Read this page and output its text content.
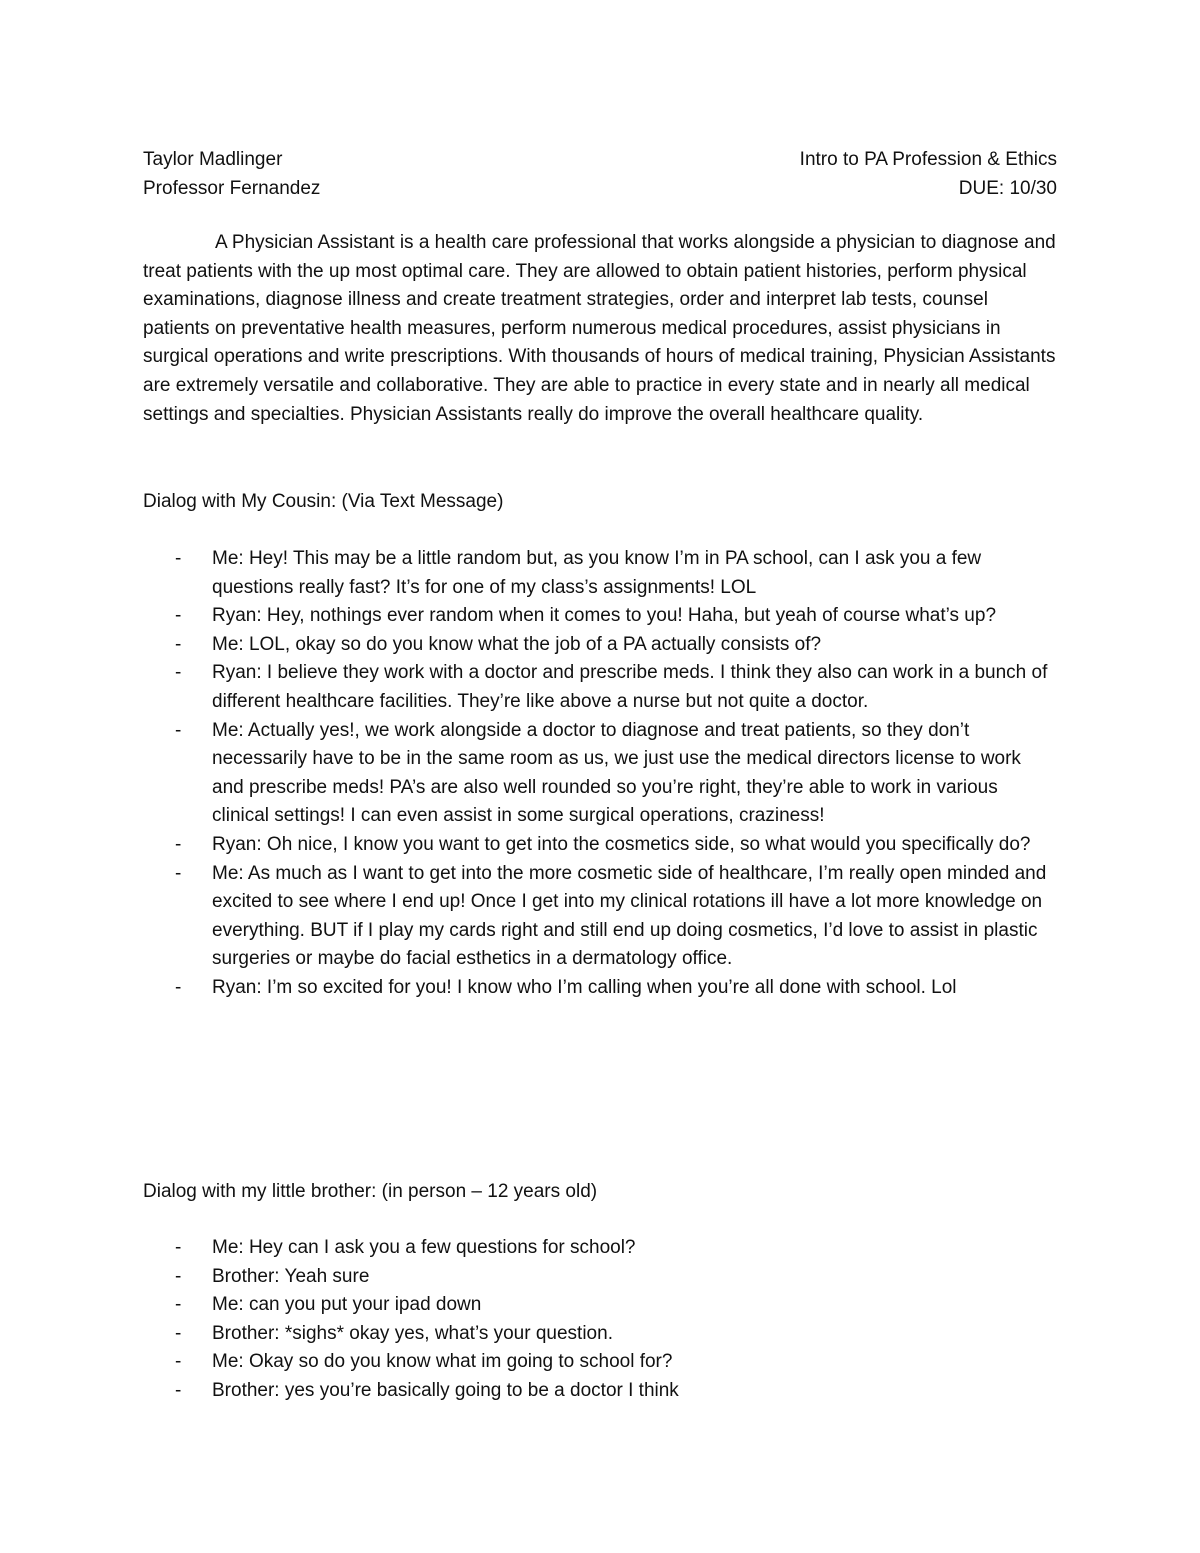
Taylor Madlinger	Intro to PA Profession & Ethics
Professor Fernandez	DUE: 10/30

A Physician Assistant is a health care professional that works alongside a physician to diagnose and treat patients with the up most optimal care. They are allowed to obtain patient histories, perform physical examinations, diagnose illness and create treatment strategies, order and interpret lab tests, counsel patients on preventative health measures, perform numerous medical procedures, assist physicians in surgical operations and write prescriptions. With thousands of hours of medical training, Physician Assistants are extremely versatile and collaborative. They are able to practice in every state and in nearly all medical settings and specialties. Physician Assistants really do improve the overall healthcare quality.

Dialog with My Cousin: (Via Text Message)

- Me: Hey! This may be a little random but, as you know I’m in PA school, can I ask you a few questions really fast? It’s for one of my class’s assignments! LOL
- Ryan: Hey, nothings ever random when it comes to you! Haha, but yeah of course what’s up?
- Me: LOL, okay so do you know what the job of a PA actually consists of?
- Ryan: I believe they work with a doctor and prescribe meds. I think they also can work in a bunch of different healthcare facilities. They’re like above a nurse but not quite a doctor.
- Me: Actually yes!, we work alongside a doctor to diagnose and treat patients, so they don’t necessarily have to be in the same room as us, we just use the medical directors license to work and prescribe meds! PA’s are also well rounded so you’re right, they’re able to work in various clinical settings! I can even assist in some surgical operations, craziness!
- Ryan: Oh nice, I know you want to get into the cosmetics side, so what would you specifically do?
- Me: As much as I want to get into the more cosmetic side of healthcare, I’m really open minded and excited to see where I end up! Once I get into my clinical rotations ill have a lot more knowledge on everything. BUT if I play my cards right and still end up doing cosmetics, I’d love to assist in plastic surgeries or maybe do facial esthetics in a dermatology office.
- Ryan: I’m so excited for you! I know who I’m calling when you’re all done with school. Lol

Dialog with my little brother: (in person – 12 years old)

- Me: Hey can I ask you a few questions for school?
- Brother: Yeah sure
- Me: can you put your ipad down
- Brother: *sighs* okay yes, what’s your question.
- Me: Okay so do you know what im going to school for?
- Brother: yes you’re basically going to be a doctor I think
